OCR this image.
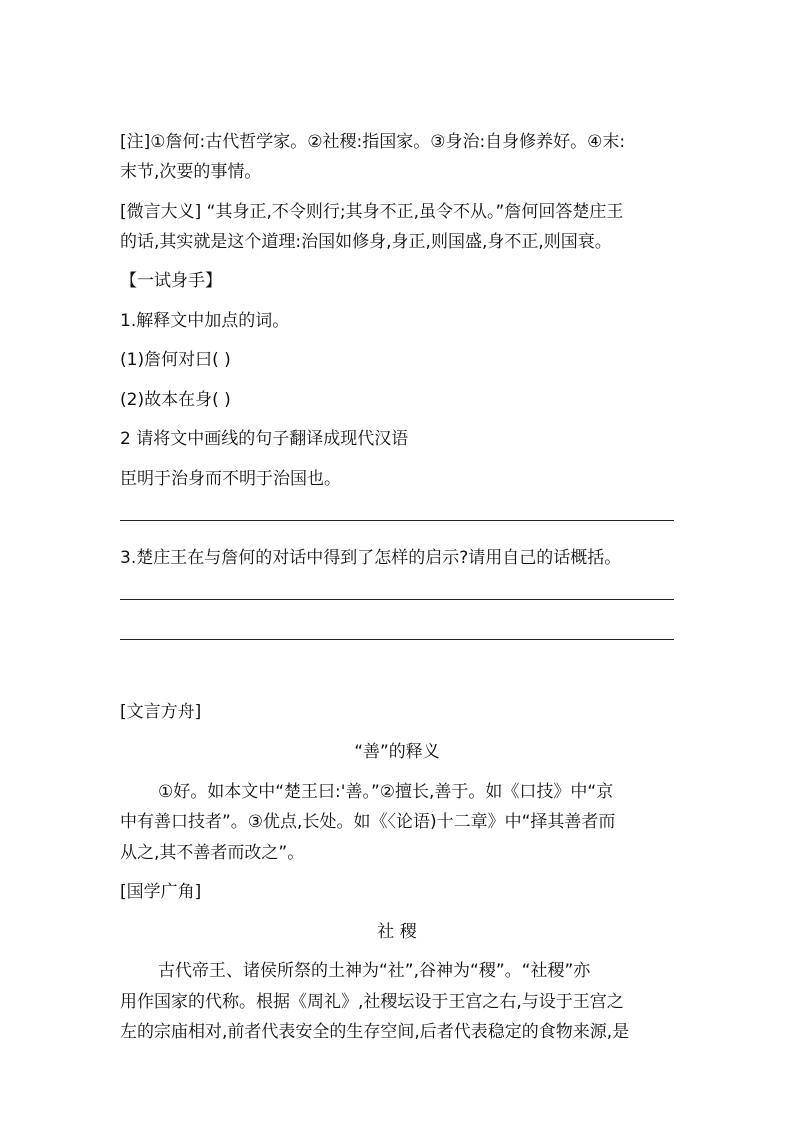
[注]①詹何:古代哲学家。②社稷:指国家。③身治:自身修养好。④末:
末节,次要的事情。
[微言大义] “其身正,不令则行;其身不正,虽令不从。”詹何回答楚庄王
的话,其实就是这个道理:治国如修身,身正,则国盛,身不正,则国衰。
【一试身手】
1.解释文中加点的词。
(1)詹何对曰( )
(2)故本在身( )
2 请将文中画线的句子翻译成现代汉语
臣明于治身而不明于治国也。
3.楚庄王在与詹何的对话中得到了怎样的启示?请用自己的话概括。
[文言方舟]
“善”的释义
①好。如本文中“楚王曰:'善。”②擅长,善于。如《口技》中“京
中有善口技者”。③优点,长处。如《〈论语)十二章》中“择其善者而
从之,其不善者而改之”。
[国学广角]
社 稷
古代帝王、诸侯所祭的土神为“社”,谷神为“稷”。“社稷”亦
用作国家的代称。根据《周礼》,社稷坛设于王宫之右,与设于王宫之
左的宗庙相对,前者代表安全的生存空间,后者代表稳定的食物来源,是
